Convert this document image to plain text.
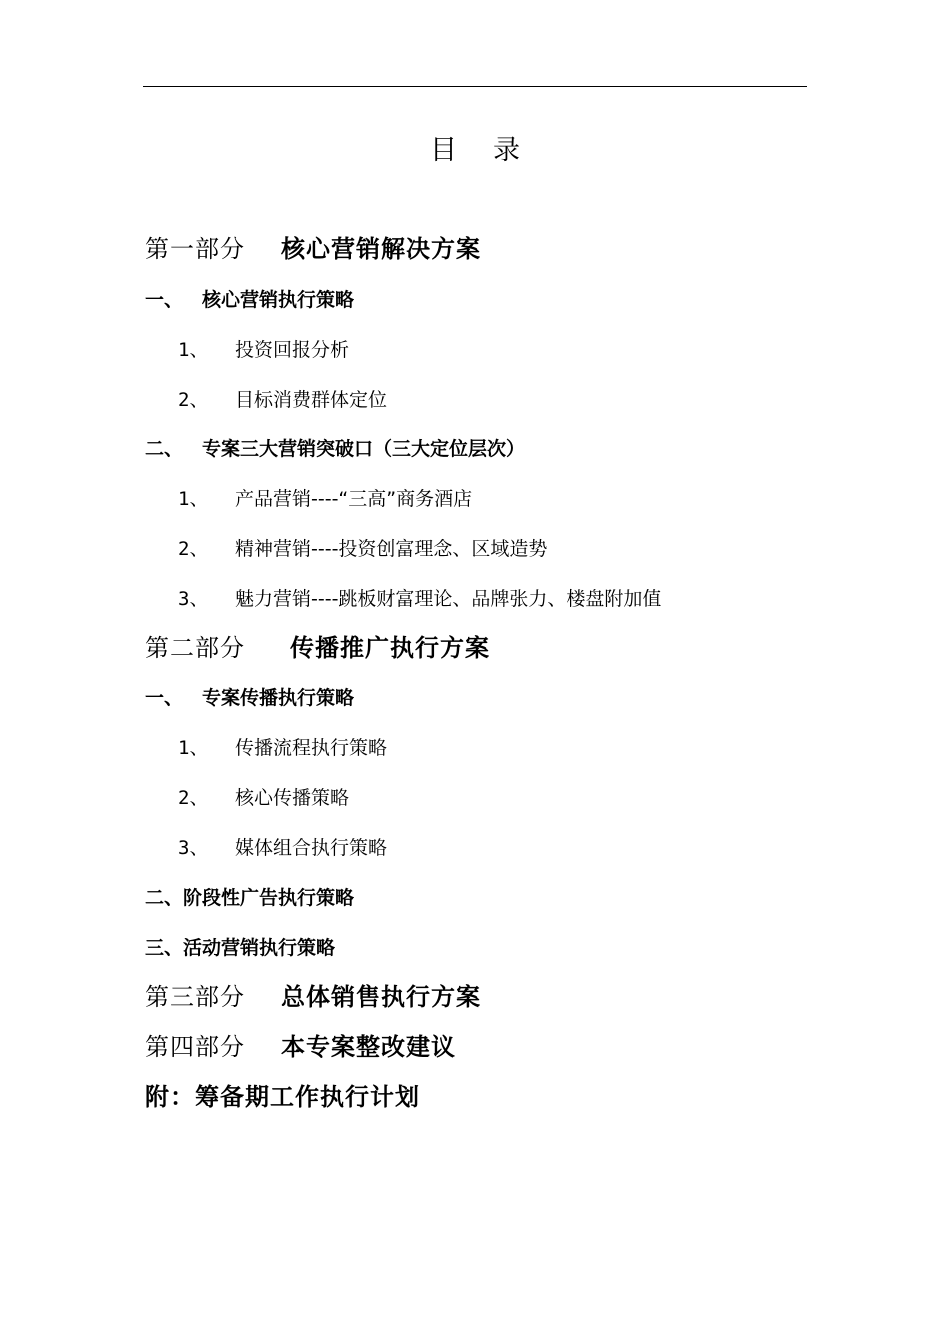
目 录
第一部分 核心营销解决方案
一、 核心营销执行策略
1、 投资回报分析
2、 目标消费群体定位
二、 专案三大营销突破口（三大定位层次）
1、 产品营销----“三高”商务酒店
2、 精神营销----投资创富理念、区域造势
3、 魅力营销----跳板财富理论、品牌张力、楼盘附加值
第二部分 传播推广执行方案
一、 专案传播执行策略
1、 传播流程执行策略
2、 核心传播策略
3、 媒体组合执行策略
二、阶段性广告执行策略
三、活动营销执行策略
第三部分 总体销售执行方案
第四部分 本专案整改建议
附：筹备期工作执行计划
